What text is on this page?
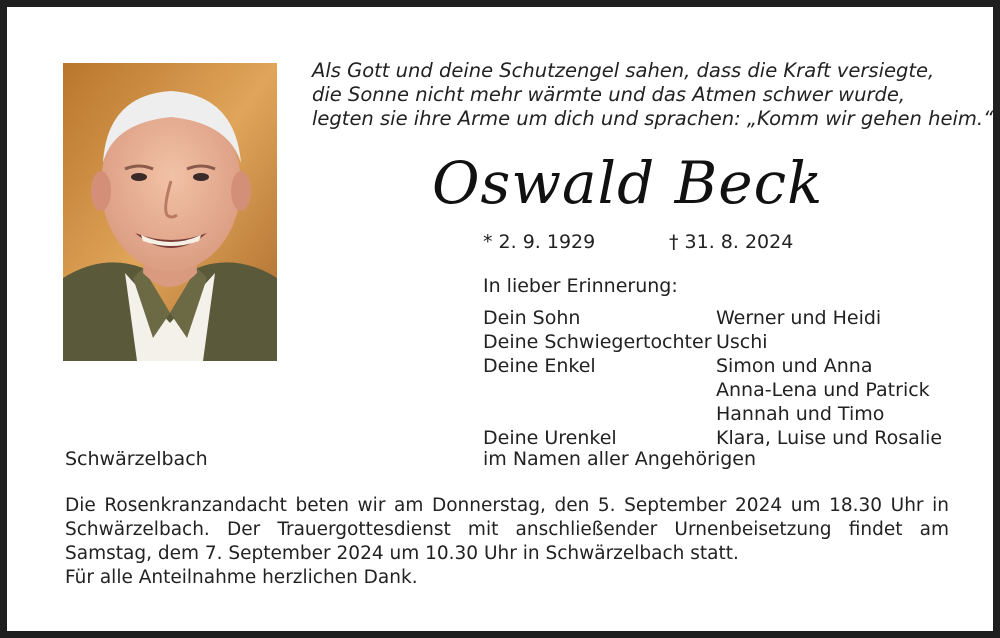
Als Gott und deine Schutzengel sahen, dass die Kraft versiegte,
die Sonne nicht mehr wärmte und das Atmen schwer wurde,
legten sie ihre Arme um dich und sprachen: „Komm wir gehen heim.“
Oswald Beck
* 2. 9. 1929	† 31. 8. 2024
In lieber Erinnerung:
Dein Sohn	Werner und Heidi
Deine Schwiegertochter Uschi
Deine Enkel	Simon und Anna
Anna-Lena und Patrick
Hannah und Timo
Deine Urenkel	Klara, Luise und Rosalie
Schwärzelbach	im Namen aller Angehörigen
Die Rosenkranzandacht beten wir am Donnerstag, den 5. September 2024 um 18.30 Uhr in Schwärzelbach. Der Trauergottesdienst mit anschließender Urnenbeisetzung findet am Samstag, dem 7. September 2024 um 10.30 Uhr in Schwärzelbach statt.
Für alle Anteilnahme herzlichen Dank.
